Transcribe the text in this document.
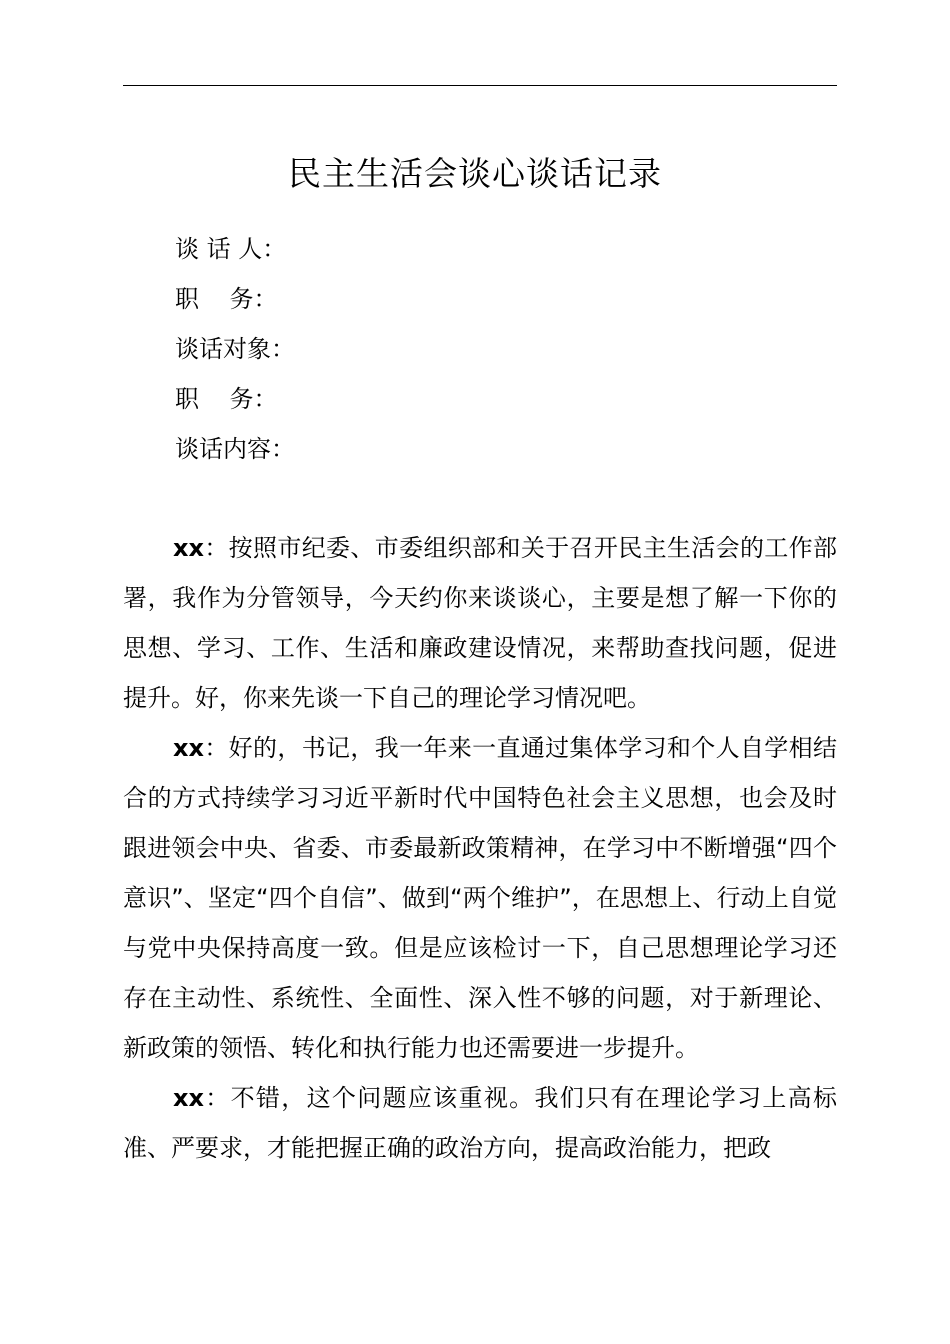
民主生活会谈心谈话记录
谈 话 人：
职    务：
谈话对象：
职    务：
谈话内容：

xx：按照市纪委、市委组织部和关于召开民主生活会的工作部署，我作为分管领导，今天约你来谈谈心，主要是想了解一下你的思想、学习、工作、生活和廉政建设情况，来帮助查找问题，促进提升。好，你来先谈一下自己的理论学习情况吧。

xx：好的，书记，我一年来一直通过集体学习和个人自学相结合的方式持续学习习近平新时代中国特色社会主义思想，也会及时跟进领会中央、省委、市委最新政策精神，在学习中不断增强“四个意识”、坚定“四个自信”、做到“两个维护”，在思想上、行动上自觉与党中央保持高度一致。但是应该检讨一下，自己思想理论学习还存在主动性、系统性、全面性、深入性不够的问题，对于新理论、新政策的领悟、转化和执行能力也还需要进一步提升。

xx：不错，这个问题应该重视。我们只有在理论学习上高标准、严要求，才能把握正确的政治方向，提高政治能力，把政
